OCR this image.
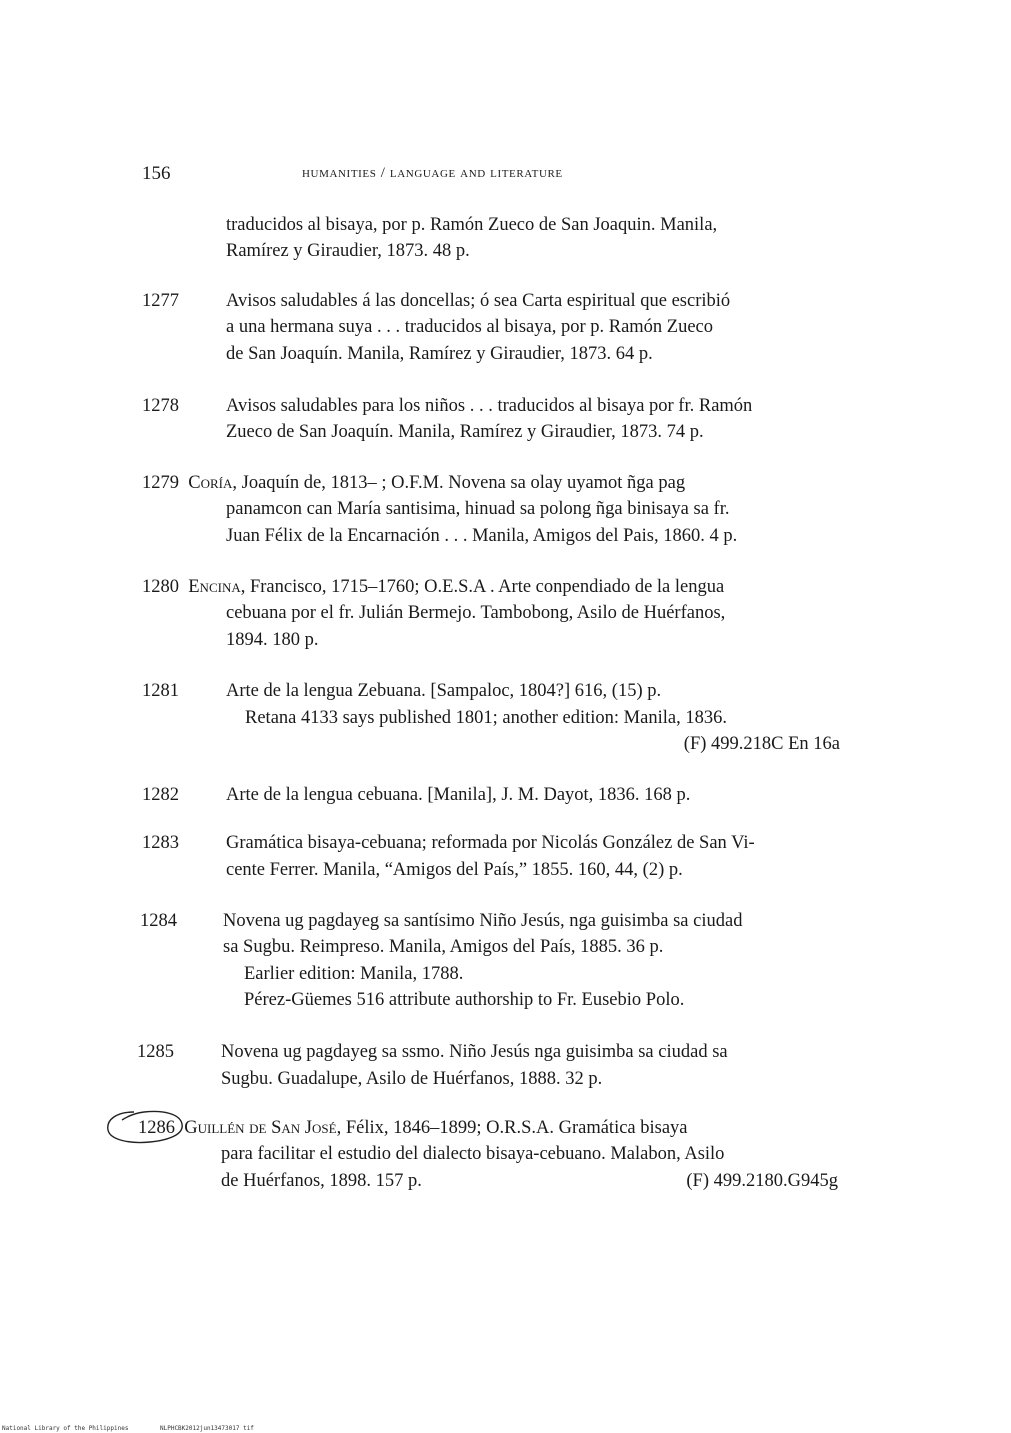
156	humanities / language and literature
traducidos al bisaya, por p. Ramón Zueco de San Joaquin. Manila,
Ramírez y Giraudier, 1873. 48 p.
1277	Avisos saludables á las doncellas; ó sea Carta espiritual que escribió
a una hermana suya . . . traducidos al bisaya, por p. Ramón Zueco
de San Joaquín. Manila, Ramírez y Giraudier, 1873. 64 p.
1278	Avisos saludables para los niños . . . traducidos al bisaya por fr. Ramón
Zueco de San Joaquín. Manila, Ramírez y Giraudier, 1873. 74 p.
1279 Coría, Joaquín de, 1813– ; O.F.M. Novena sa olay uyamot ñga pag
panamcon can María santisima, hinuad sa polong ñga binisaya sa fr.
Juan Félix de la Encarnación . . . Manila, Amigos del Pais, 1860. 4 p.
1280 Encina, Francisco, 1715–1760; O.E.S.A . Arte conpendiado de la lengua
cebuana por el fr. Julián Bermejo. Tambobong, Asilo de Huérfanos,
1894. 180 p.
1281	Arte de la lengua Zebuana. [Sampaloc, 1804?] 616, (15) p.
Retana 4133 says published 1801; another edition: Manila, 1836.
(F) 499.218C En 16a
1282	Arte de la lengua cebuana. [Manila], J. M. Dayot, 1836. 168 p.
1283	Gramática bisaya-cebuana; reformada por Nicolás González de San Vi-
cente Ferrer. Manila, “Amigos del País,” 1855. 160, 44, (2) p.
1284 Novena ug pagdayeg sa santísimo Niño Jesús, nga guisimba sa ciudad
sa Sugbu. Reimpreso. Manila, Amigos del País, 1885. 36 p.
Earlier edition: Manila, 1788.
Pérez-Güemes 516 attribute authorship to Fr. Eusebio Polo.
1285	Novena ug pagdayeg sa ssmo. Niño Jesús nga guisimba sa ciudad sa
Sugbu. Guadalupe, Asilo de Huérfanos, 1888. 32 p.
1286 Guillén de San José, Félix, 1846–1899; O.R.S.A. Gramática bisaya
para facilitar el estudio del dialecto bisaya-cebuano. Malabon, Asilo
de Huérfanos, 1898. 157 p.	(F) 499.2180.G945g
National Library of the Philippines	NLPHCBK2012jun13473017 tif
